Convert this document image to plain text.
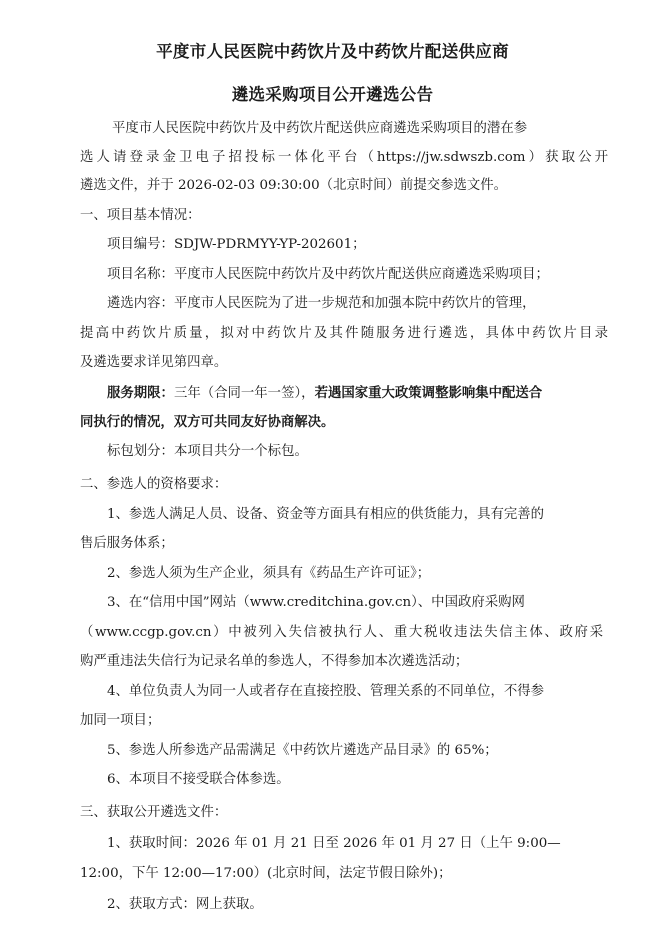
平度市人民医院中药饮片及中药饮片配送供应商
遴选采购项目公开遴选公告
平度市人民医院中药饮片及中药饮片配送供应商遴选采购项目的潜在参
选人请登录金卫电子招投标一体化平台（https://jw.sdwszb.com）获取公开
遴选文件，并于 2026-02-03 09:30:00（北京时间）前提交参选文件。
一、项目基本情况：
项目编号：SDJW-PDRMYY-YP-202601；
项目名称：平度市人民医院中药饮片及中药饮片配送供应商遴选采购项目；
遴选内容：平度市人民医院为了进一步规范和加强本院中药饮片的管理，
提高中药饮片质量，拟对中药饮片及其件随服务进行遴选，具体中药饮片目录
及遴选要求详见第四章。
服务期限：三年（合同一年一签），若遇国家重大政策调整影响集中配送合
同执行的情况，双方可共同友好协商解决。
标包划分：本项目共分一个标包。
二、参选人的资格要求：
1、参选人满足人员、设备、资金等方面具有相应的供货能力，具有完善的
售后服务体系；
2、参选人须为生产企业，须具有《药品生产许可证》；
3、在“信用中国”网站（www.creditchina.gov.cn）、中国政府采购网
（www.ccgp.gov.cn）中被列入失信被执行人、重大税收违法失信主体、政府采
购严重违法失信行为记录名单的参选人，不得参加本次遴选活动；
4、单位负责人为同一人或者存在直接控股、管理关系的不同单位，不得参
加同一项目；
5、参选人所参选产品需满足《中药饮片遴选产品目录》的 65%；
6、本项目不接受联合体参选。
三、获取公开遴选文件：
1、获取时间：2026 年 01 月 21 日至 2026 年 01 月 27 日（上午 9:00—
12:00，下午 12:00—17:00）(北京时间，法定节假日除外)；
2、获取方式：网上获取。
